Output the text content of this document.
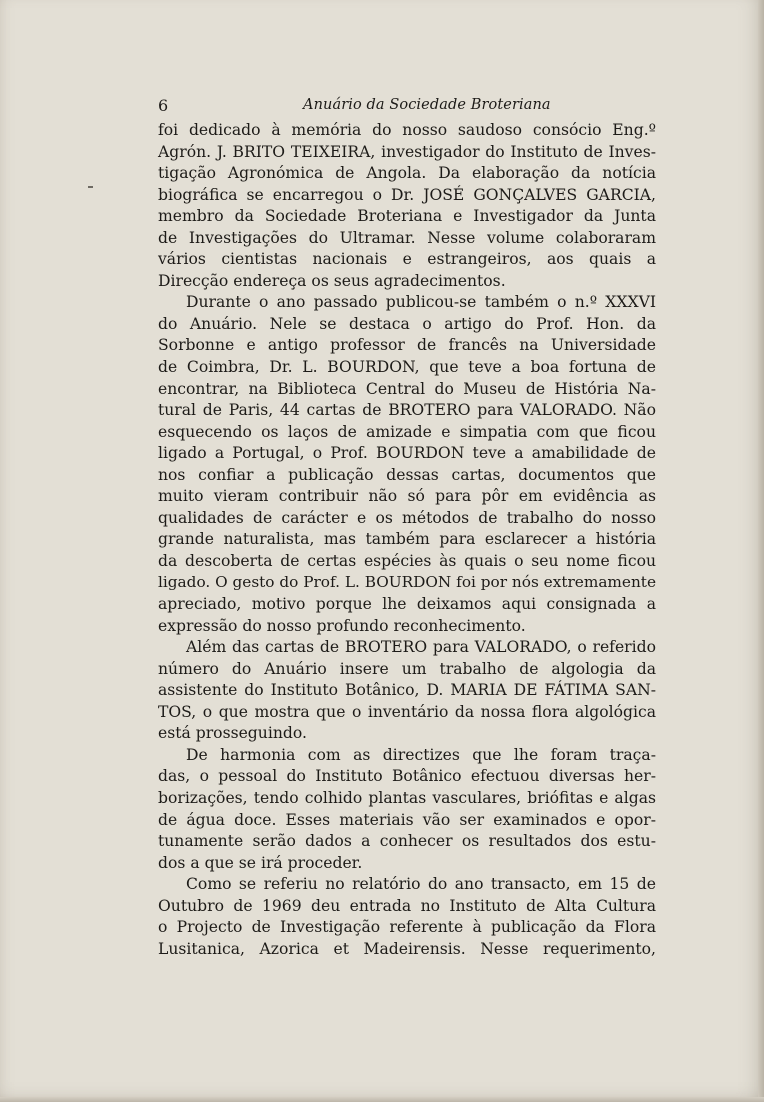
6	Anuário da Sociedade Broteriana
foi dedicado à memória do nosso saudoso consócio Eng.º
Agrón. J. BRITO TEIXEIRA, investigador do Instituto de Inves-
tigação Agronómica de Angola. Da elaboração da notícia
biográfica se encarregou o Dr. JOSÉ GONÇALVES GARCIA,
membro da Sociedade Broteriana e Investigador da Junta
de Investigações do Ultramar. Nesse volume colaboraram
vários cientistas nacionais e estrangeiros, aos quais a
Direcção endereça os seus agradecimentos.
Durante o ano passado publicou-se também o n.º XXXVI
do Anuário. Nele se destaca o artigo do Prof. Hon. da
Sorbonne e antigo professor de francês na Universidade
de Coimbra, Dr. L. BOURDON, que teve a boa fortuna de
encontrar, na Biblioteca Central do Museu de História Na-
tural de Paris, 44 cartas de BROTERO para VALORADO. Não
esquecendo os laços de amizade e simpatia com que ficou
ligado a Portugal, o Prof. BOURDON teve a amabilidade de
nos confiar a publicação dessas cartas, documentos que
muito vieram contribuir não só para pôr em evidência as
qualidades de carácter e os métodos de trabalho do nosso
grande naturalista, mas também para esclarecer a história
da descoberta de certas espécies às quais o seu nome ficou
ligado. O gesto do Prof. L. BOURDON foi por nós extremamente
apreciado, motivo porque lhe deixamos aqui consignada a
expressão do nosso profundo reconhecimento.
Além das cartas de BROTERO para VALORADO, o referido
número do Anuário insere um trabalho de algologia da
assistente do Instituto Botânico, D. MARIA DE FÁTIMA SAN-
TOS, o que mostra que o inventário da nossa flora algológica
está prosseguindo.
De harmonia com as directizes que lhe foram traça-
das, o pessoal do Instituto Botânico efectuou diversas her-
borizações, tendo colhido plantas vasculares, briófitas e algas
de água doce. Esses materiais vão ser examinados e opor-
tunamente serão dados a conhecer os resultados dos estu-
dos a que se irá proceder.
Como se referiu no relatório do ano transacto, em 15 de
Outubro de 1969 deu entrada no Instituto de Alta Cultura
o Projecto de Investigação referente à publicação da Flora
Lusitanica, Azorica et Madeirensis. Nesse requerimento,
